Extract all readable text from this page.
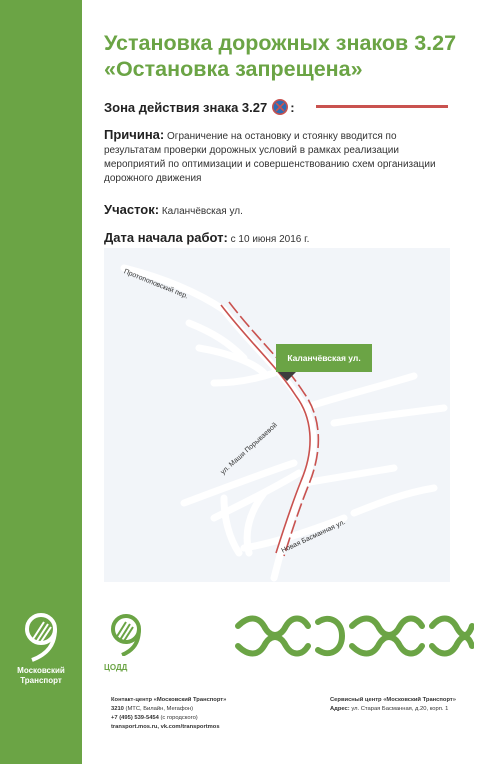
Московский
Транспорт
Установка дорожных знаков 3.27 «Остановка запрещена»
Зона действия знака 3.27 :
Причина: Ограничение на остановку и стоянку вводится по результатам проверки дорожных условий в рамках реализации мероприятий по оптимизации и совершенствованию схем организации дорожного движения
Участок: Каланчёвская ул.
Дата начала работ: с 10 июня 2016 г.
Протопоповский пер.
ул. Маши Порываевой
Новая Басманная ул.
Каланчёвская ул.
ЦОДД
Контакт-центр «Московский Транспорт»
3210 (МТС, Билайн, Мегафон)
+7 (495) 539-5454 (с городского)
transport.mos.ru, vk.com/transportmos
Сервисный центр «Московский Транспорт»
Адрес: ул. Старая Басманная, д.20, корп. 1
